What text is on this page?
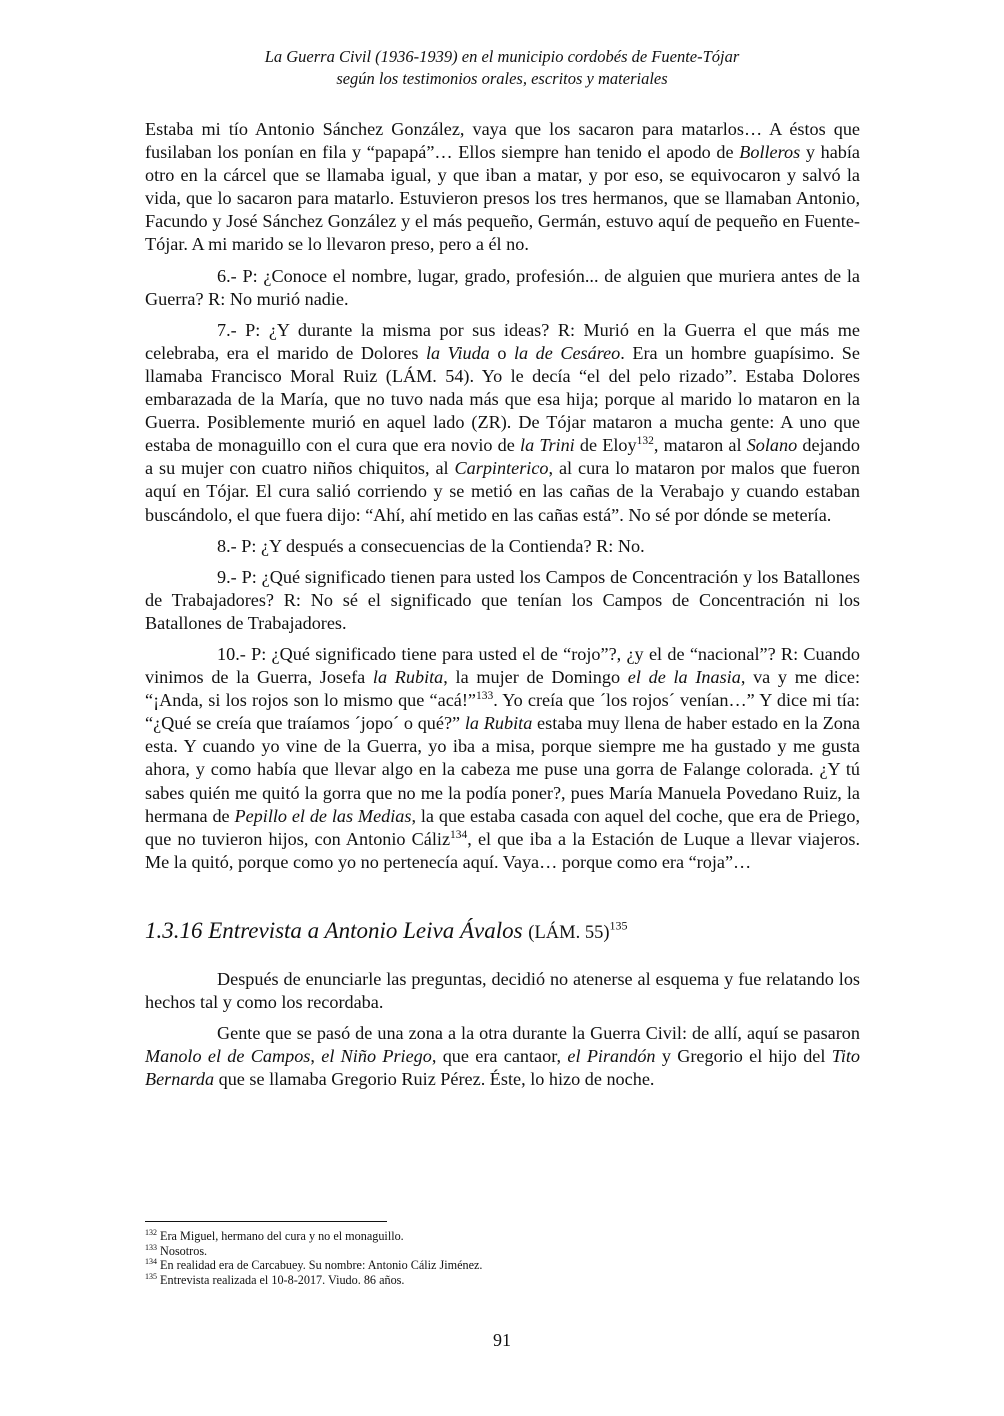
La Guerra Civil (1936-1939) en el municipio cordobés de Fuente-Tójar
según los testimonios orales, escritos y materiales

Estaba mi tío Antonio Sánchez González, vaya que los sacaron para matarlos… A éstos que fusilaban los ponían en fila y “papapá”… Ellos siempre han tenido el apodo de Bolleros y había otro en la cárcel que se llamaba igual, y que iban a matar, y por eso, se equivocaron y salvó la vida, que lo sacaron para matarlo. Estuvieron presos los tres hermanos, que se llamaban Antonio, Facundo y José Sánchez González y el más pequeño, Germán, estuvo aquí de pequeño en Fuente-Tójar. A mi marido se lo llevaron preso, pero a él no.

6.- P: ¿Conoce el nombre, lugar, grado, profesión... de alguien que muriera antes de la Guerra? R: No murió nadie.

7.- P: ¿Y durante la misma por sus ideas? R: Murió en la Guerra el que más me celebraba, era el marido de Dolores la Viuda o la de Cesáreo. Era un hombre guapísimo. Se llamaba Francisco Moral Ruiz (LÁM. 54). Yo le decía “el del pelo rizado”. Estaba Dolores embarazada de la María, que no tuvo nada más que esa hija; porque al marido lo mataron en la Guerra. Posiblemente murió en aquel lado (ZR). De Tójar mataron a mucha gente: A uno que estaba de monaguillo con el cura que era novio de la Trini de Eloy$^{132}$, mataron al Solano dejando a su mujer con cuatro niños chiquitos, al Carpinterico, al cura lo mataron por malos que fueron aquí en Tójar. El cura salió corriendo y se metió en las cañas de la Verabajo y cuando estaban buscándolo, el que fuera dijo: “Ahí, ahí metido en las cañas está”. No sé por dónde se metería.

8.- P: ¿Y después a consecuencias de la Contienda? R: No.

9.- P: ¿Qué significado tienen para usted los Campos de Concentración y los Batallones de Trabajadores? R: No sé el significado que tenían los Campos de Concentración ni los Batallones de Trabajadores.

10.- P: ¿Qué significado tiene para usted el de “rojo”?, ¿y el de “nacional”? R: Cuando vinimos de la Guerra, Josefa la Rubita, la mujer de Domingo el de la Inasia, va y me dice: “¡Anda, si los rojos son lo mismo que “acá!”$^{133}$. Yo creía que ´los rojos´ venían…” Y dice mi tía: “¿Qué se creía que traíamos ´jopo´ o qué?” la Rubita estaba muy llena de haber estado en la Zona esta. Y cuando yo vine de la Guerra, yo iba a misa, porque siempre me ha gustado y me gusta ahora, y como había que llevar algo en la cabeza me puse una gorra de Falange colorada. ¿Y tú sabes quién me quitó la gorra que no me la podía poner?, pues María Manuela Povedano Ruiz, la hermana de Pepillo el de las Medias, la que estaba casada con aquel del coche, que era de Priego, que no tuvieron hijos, con Antonio Cáliz$^{134}$, el que iba a la Estación de Luque a llevar viajeros. Me la quitó, porque como yo no pertenecía aquí. Vaya… porque como era “roja”…

1.3.16 Entrevista a Antonio Leiva Ávalos (LÁM. 55)$^{135}$

Después de enunciarle las preguntas, decidió no atenerse al esquema y fue relatando los hechos tal y como los recordaba.

Gente que se pasó de una zona a la otra durante la Guerra Civil: de allí, aquí se pasaron Manolo el de Campos, el Niño Priego, que era cantaor, el Pirandón y Gregorio el hijo del Tito Bernarda que se llamaba Gregorio Ruiz Pérez. Éste, lo hizo de noche.

$^{132}$ Era Miguel, hermano del cura y no el monaguillo.
$^{133}$ Nosotros.
$^{134}$ En realidad era de Carcabuey. Su nombre: Antonio Cáliz Jiménez.
$^{135}$ Entrevista realizada el 10-8-2017. Viudo. 86 años.
91
